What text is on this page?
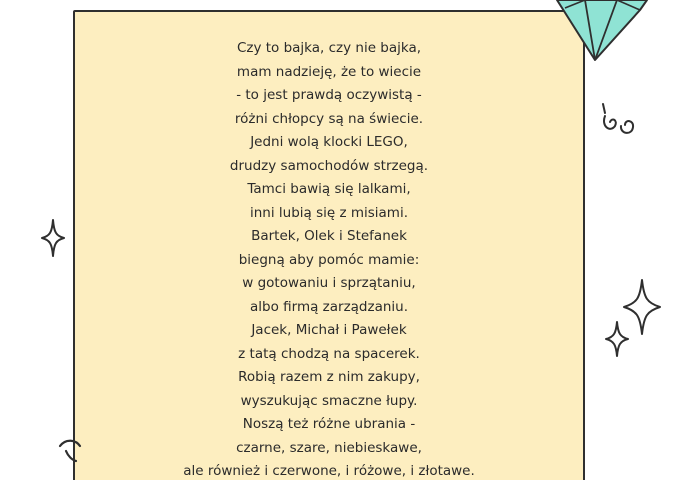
Czy to bajka, czy nie bajka,
mam nadzieję, że to wiecie
- to jest prawdą oczywistą -
różni chłopcy są na świecie.
Jedni wolą klocki LEGO,
drudzy samochodów strzegą.
Tamci bawią się lalkami,
inni lubią się z misiami.
Bartek, Olek i Stefanek
biegną aby pomóc mamie:
w gotowaniu i sprzątaniu,
albo firmą zarządzaniu.
Jacek, Michał i Pawełek
z tatą chodzą na spacerek.
Robią razem z nim zakupy,
wyszukując smaczne łupy.
Noszą też różne ubrania -
czarne, szare, niebieskawe,
ale również i czerwone, i różowe, i złotawe.
